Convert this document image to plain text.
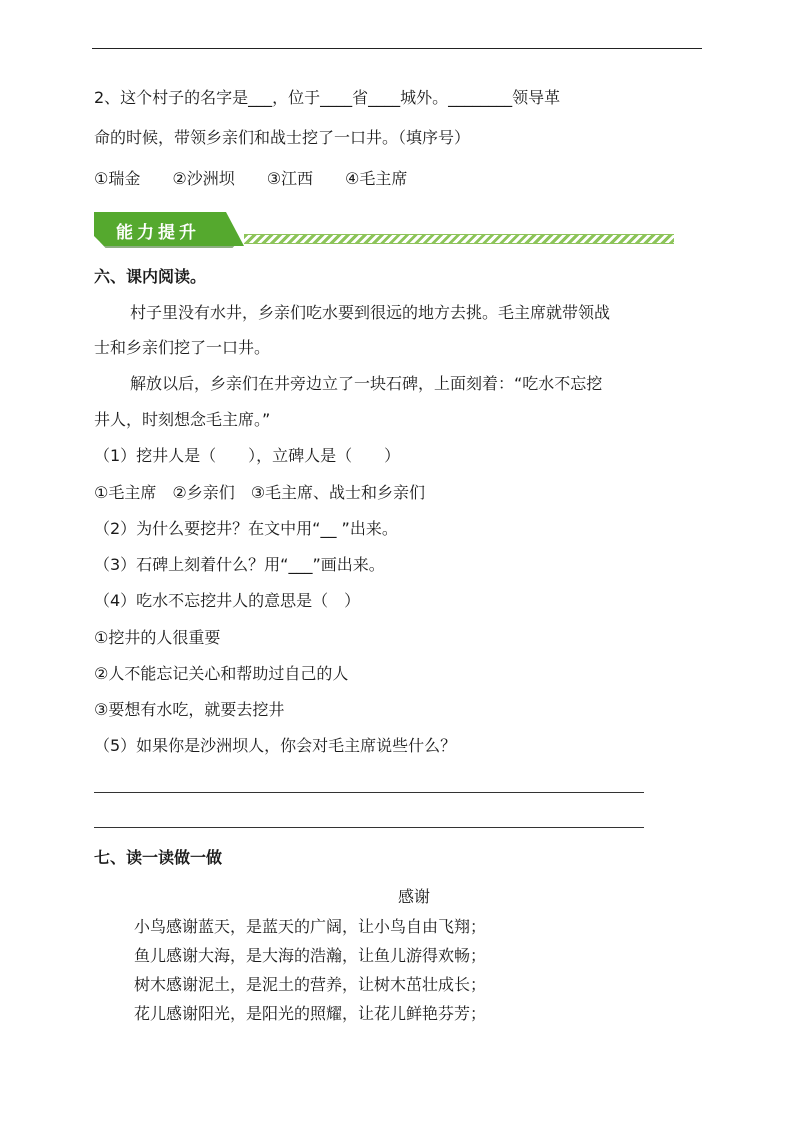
2、这个村子的名字是___，位于____省____城外。________领导革
命的时候，带领乡亲们和战士挖了一口井。（填序号）
①瑞金　　②沙洲坝　　③江西　　④毛主席
能力提升
六、课内阅读。
村子里没有水井，乡亲们吃水要到很远的地方去挑。毛主席就带领战
士和乡亲们挖了一口井。
解放以后，乡亲们在井旁边立了一块石碑，上面刻着：“吃水不忘挖
井人，时刻想念毛主席。”
（1）挖井人是（　　），立碑人是（　　）
①毛主席　②乡亲们　③毛主席、战士和乡亲们
（2）为什么要挖井？在文中用“__ ”出来。
（3）石碑上刻着什么？用“___”画出来。
（4）吃水不忘挖井人的意思是（　）
①挖井的人很重要
②人不能忘记关心和帮助过自己的人
③要想有水吃，就要去挖井
（5）如果你是沙洲坝人，你会对毛主席说些什么？
七、读一读做一做
感谢
小鸟感谢蓝天，是蓝天的广阔，让小鸟自由飞翔；
鱼儿感谢大海，是大海的浩瀚，让鱼儿游得欢畅；
树木感谢泥土，是泥土的营养，让树木茁壮成长；
花儿感谢阳光，是阳光的照耀，让花儿鲜艳芬芳；
